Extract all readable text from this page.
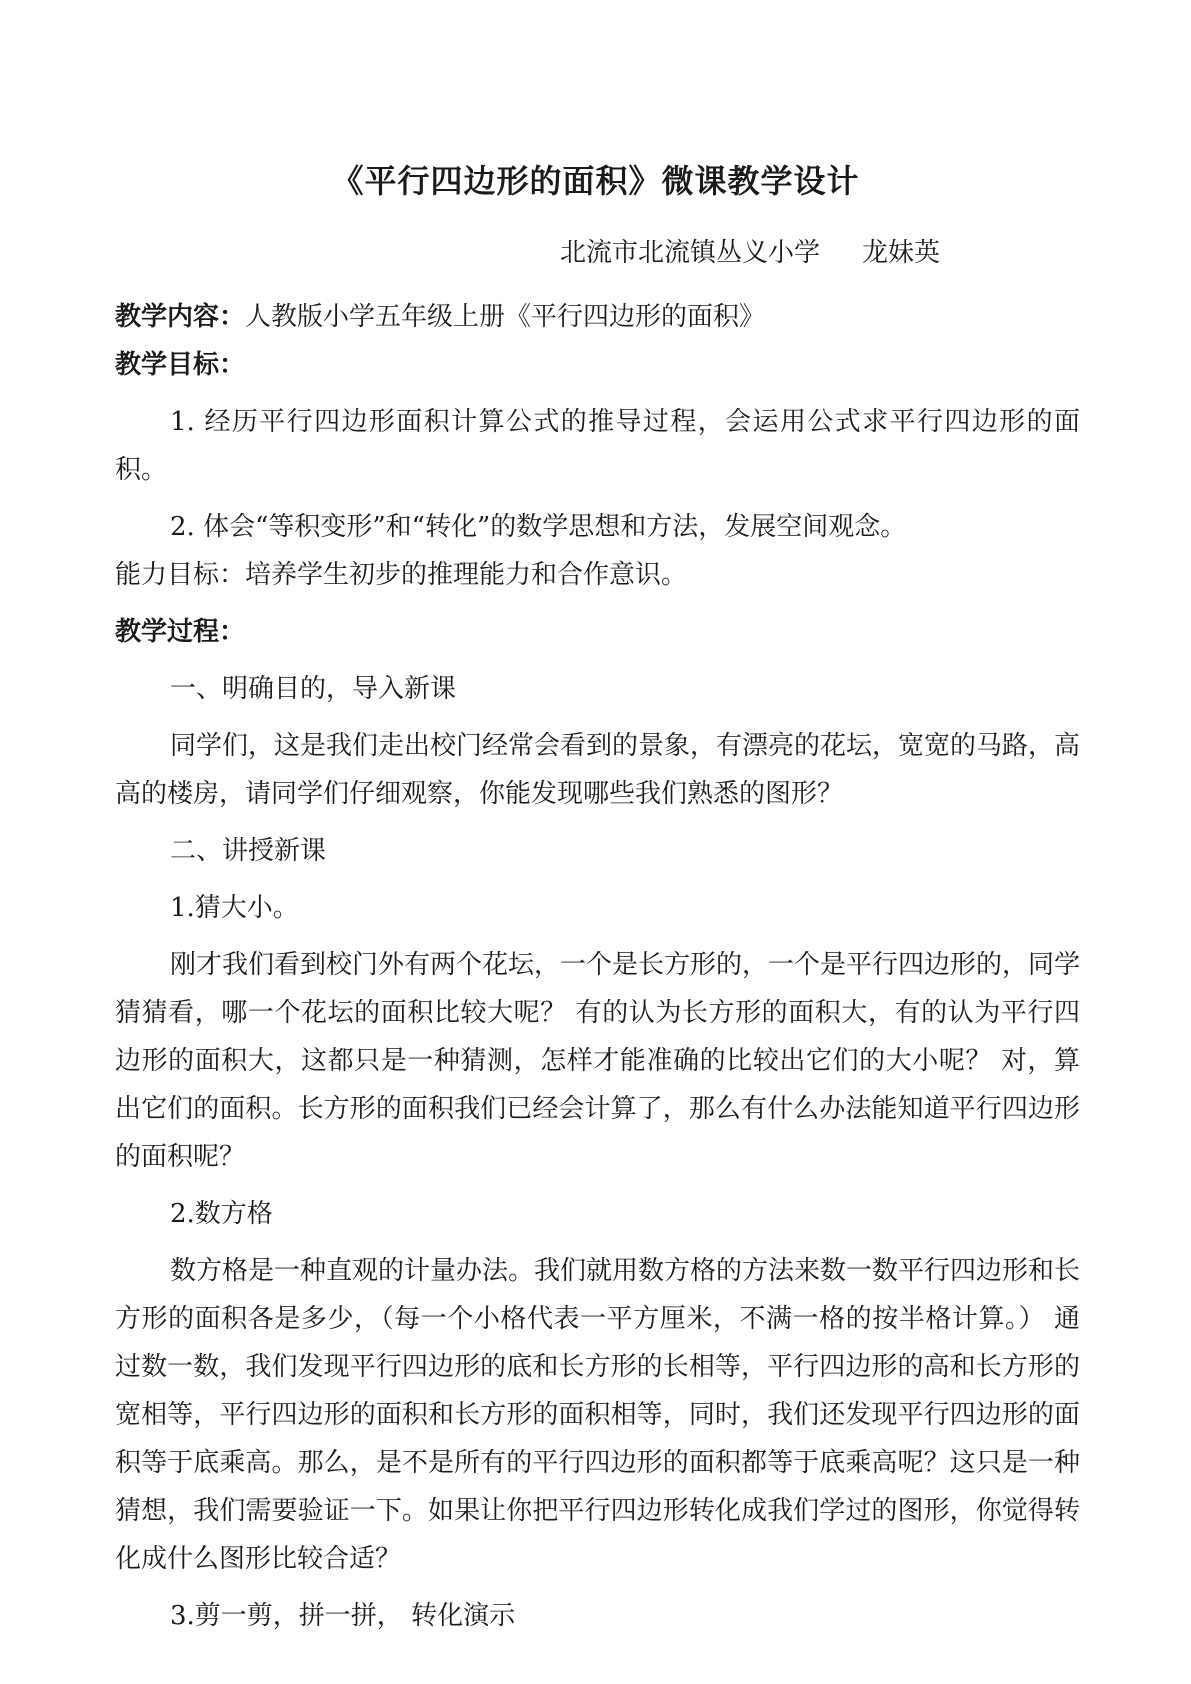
《平行四边形的面积》微课教学设计
北流市北流镇丛义小学 龙妹英

教学内容：人教版小学五年级上册《平行四边形的面积》

教学目标：

1. 经历平行四边形面积计算公式的推导过程，会运用公式求平行四边形的面积。

2. 体会“等积变形”和“转化”的数学思想和方法，发展空间观念。

能力目标：培养学生初步的推理能力和合作意识。

教学过程：

一、明确目的，导入新课

同学们，这是我们走出校门经常会看到的景象，有漂亮的花坛，宽宽的马路，高高的楼房，请同学们仔细观察，你能发现哪些我们熟悉的图形？

二、讲授新课

1.猜大小。

刚才我们看到校门外有两个花坛，一个是长方形的，一个是平行四边形的，同学猜猜看，哪一个花坛的面积比较大呢？ 有的认为长方形的面积大，有的认为平行四边形的面积大，这都只是一种猜测，怎样才能准确的比较出它们的大小呢？ 对，算出它们的面积。长方形的面积我们已经会计算了，那么有什么办法能知道平行四边形的面积呢？

2.数方格

数方格是一种直观的计量办法。我们就用数方格的方法来数一数平行四边形和长方形的面积各是多少，（每一个小格代表一平方厘米，不满一格的按半格计算。） 通过数一数，我们发现平行四边形的底和长方形的长相等，平行四边形的高和长方形的宽相等，平行四边形的面积和长方形的面积相等，同时，我们还发现平行四边形的面积等于底乘高。那么，是不是所有的平行四边形的面积都等于底乘高呢？这只是一种猜想，我们需要验证一下。如果让你把平行四边形转化成我们学过的图形，你觉得转化成什么图形比较合适？

3.剪一剪，拼一拼， 转化演示
